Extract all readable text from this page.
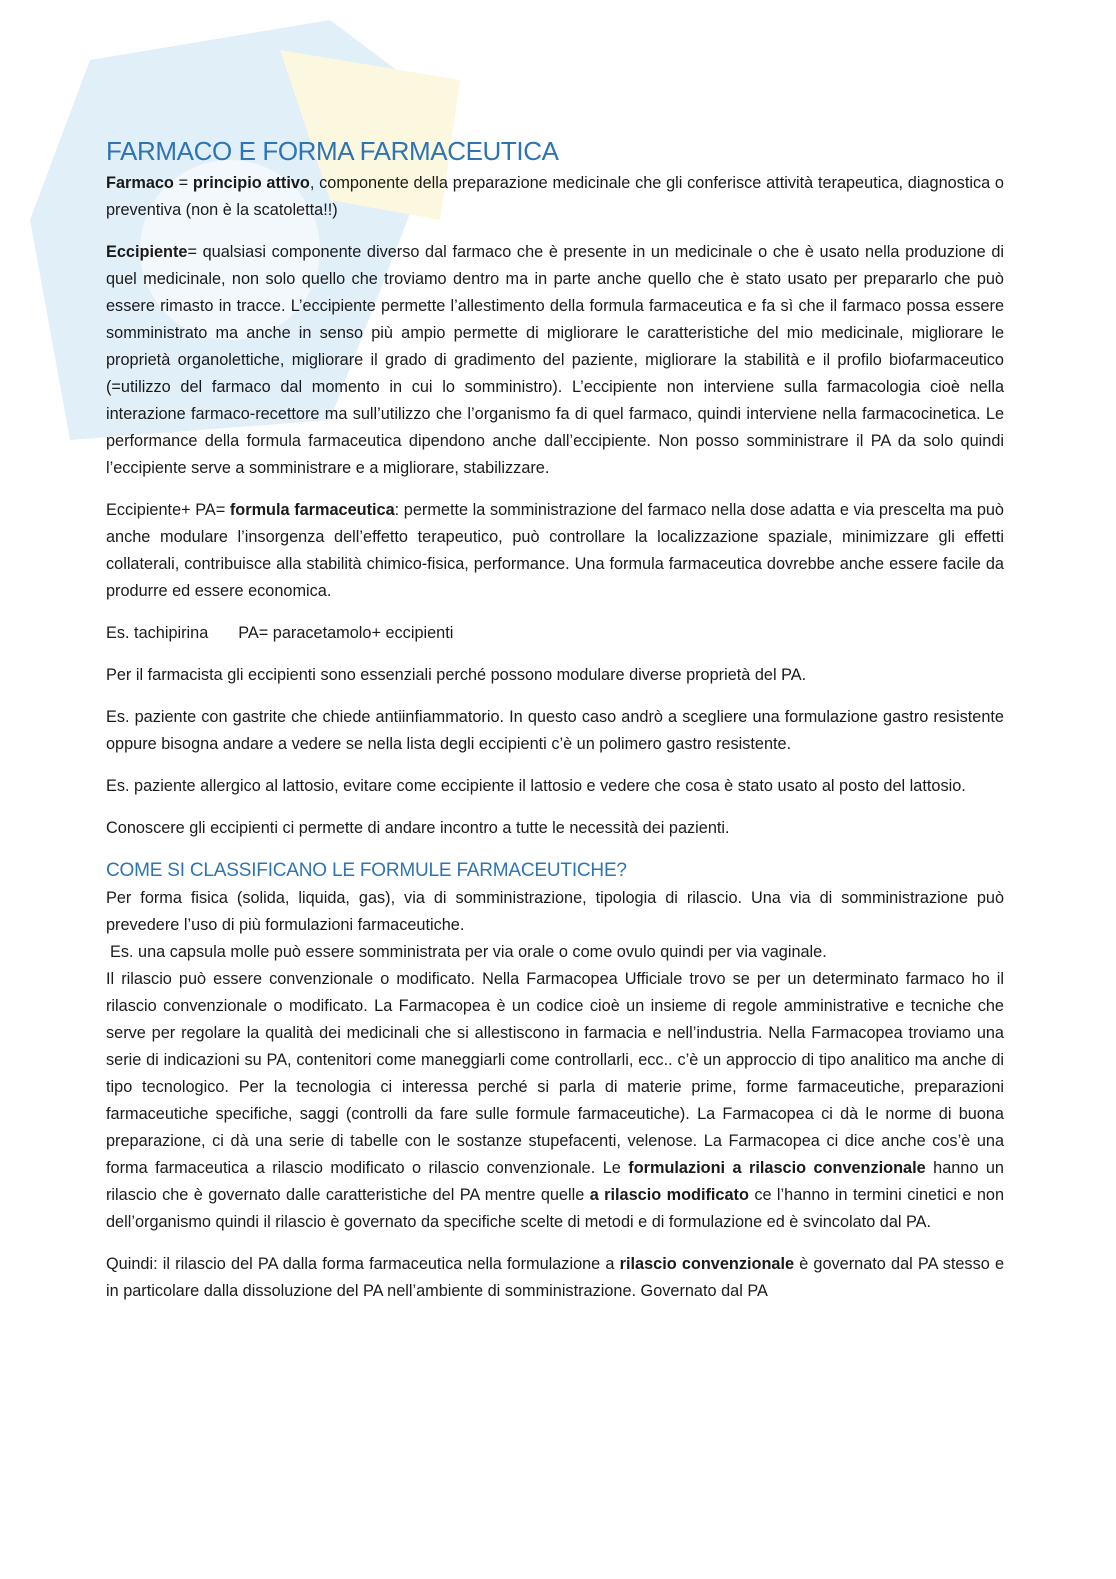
FARMACO E FORMA FARMACEUTICA

Farmaco = principio attivo, componente della preparazione medicinale che gli conferisce attività terapeutica, diagnostica o preventiva (non è la scatoletta!!)

Eccipiente= qualsiasi componente diverso dal farmaco che è presente in un medicinale o che è usato nella produzione di quel medicinale, non solo quello che troviamo dentro ma in parte anche quello che è stato usato per prepararlo che può essere rimasto in tracce. L’eccipiente permette l’allestimento della formula farmaceutica e fa sì che il farmaco possa essere somministrato ma anche in senso più ampio permette di migliorare le caratteristiche del mio medicinale, migliorare le proprietà organolettiche, migliorare il grado di gradimento del paziente, migliorare la stabilità e il profilo biofarmaceutico (=utilizzo del farmaco dal momento in cui lo somministro). L’eccipiente non interviene sulla farmacologia cioè nella interazione farmaco-recettore ma sull’utilizzo che l’organismo fa di quel farmaco, quindi interviene nella farmacocinetica. Le performance della formula farmaceutica dipendono anche dall’eccipiente. Non posso somministrare il PA da solo quindi l’eccipiente serve a somministrare e a migliorare, stabilizzare.

Eccipiente+ PA= formula farmaceutica: permette la somministrazione del farmaco nella dose adatta e via prescelta ma può anche modulare l’insorgenza dell’effetto terapeutico, può controllare la localizzazione spaziale, minimizzare gli effetti collaterali, contribuisce alla stabilità chimico-fisica, performance. Una formula farmaceutica dovrebbe anche essere facile da produrre ed essere economica.

Es. tachipirina PA= paracetamolo+ eccipienti

Per il farmacista gli eccipienti sono essenziali perché possono modulare diverse proprietà del PA.

Es. paziente con gastrite che chiede antiinfiammatorio. In questo caso andrò a scegliere una formulazione gastro resistente oppure bisogna andare a vedere se nella lista degli eccipienti c’è un polimero gastro resistente.

Es. paziente allergico al lattosio, evitare come eccipiente il lattosio e vedere che cosa è stato usato al posto del lattosio.

Conoscere gli eccipienti ci permette di andare incontro a tutte le necessità dei pazienti.

COME SI CLASSIFICANO LE FORMULE FARMACEUTICHE?

Per forma fisica (solida, liquida, gas), via di somministrazione, tipologia di rilascio. Una via di somministrazione può prevedere l’uso di più formulazioni farmaceutiche.

Es. una capsula molle può essere somministrata per via orale o come ovulo quindi per via vaginale.

Il rilascio può essere convenzionale o modificato. Nella Farmacopea Ufficiale trovo se per un determinato farmaco ho il rilascio convenzionale o modificato. La Farmacopea è un codice cioè un insieme di regole amministrative e tecniche che serve per regolare la qualità dei medicinali che si allestiscono in farmacia e nell’industria. Nella Farmacopea troviamo una serie di indicazioni su PA, contenitori come maneggiarli come controllarli, ecc.. c’è un approccio di tipo analitico ma anche di tipo tecnologico. Per la tecnologia ci interessa perché si parla di materie prime, forme farmaceutiche, preparazioni farmaceutiche specifiche, saggi (controlli da fare sulle formule farmaceutiche). La Farmacopea ci dà le norme di buona preparazione, ci dà una serie di tabelle con le sostanze stupefacenti, velenose. La Farmacopea ci dice anche cos’è una forma farmaceutica a rilascio modificato o rilascio convenzionale. Le formulazioni a rilascio convenzionale hanno un rilascio che è governato dalle caratteristiche del PA mentre quelle a rilascio modificato ce l’hanno in termini cinetici e non dell’organismo quindi il rilascio è governato da specifiche scelte di metodi e di formulazione ed è svincolato dal PA.

Quindi: il rilascio del PA dalla forma farmaceutica nella formulazione a rilascio convenzionale è governato dal PA stesso e in particolare dalla dissoluzione del PA nell’ambiente di somministrazione. Governato dal PA
